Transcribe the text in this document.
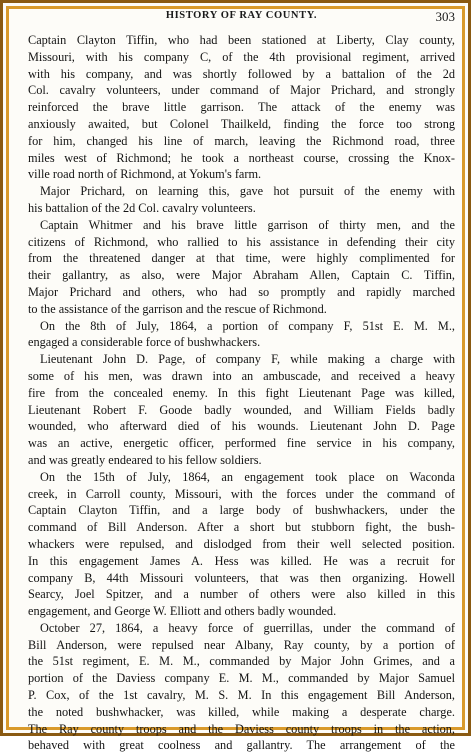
HISTORY OF RAY COUNTY.	303
Captain Clayton Tiffin, who had been stationed at Liberty, Clay county,
Missouri, with his company C, of the 4th provisional regiment, arrived
with his company, and was shortly followed by a battalion of the 2d
Col. cavalry volunteers, under command of Major Prichard, and strongly
reinforced the brave little garrison. The attack of the enemy was
anxiously awaited, but Colonel Thailkeld, finding the force too strong
for him, changed his line of march, leaving the Richmond road, three
miles west of Richmond; he took a northeast course, crossing the Knox-
ville road north of Richmond, at Yokum's farm.
Major Prichard, on learning this, gave hot pursuit of the enemy with
his battalion of the 2d Col. cavalry volunteers.
Captain Whitmer and his brave little garrison of thirty men, and the
citizens of Richmond, who rallied to his assistance in defending their city
from the threatened danger at that time, were highly complimented for
their gallantry, as also, were Major Abraham Allen, Captain C. Tiffin,
Major Prichard and others, who had so promptly and rapidly marched
to the assistance of the garrison and the rescue of Richmond.
On the 8th of July, 1864, a portion of company F, 51st E. M. M.,
engaged a considerable force of bushwhackers.
Lieutenant John D. Page, of company F, while making a charge with
some of his men, was drawn into an ambuscade, and received a heavy
fire from the concealed enemy. In this fight Lieutenant Page was killed,
Lieutenant Robert F. Goode badly wounded, and William Fields badly
wounded, who afterward died of his wounds. Lieutenant John D. Page
was an active, energetic officer, performed fine service in his company,
and was greatly endeared to his fellow soldiers.
On the 15th of July, 1864, an engagement took place on Waconda
creek, in Carroll county, Missouri, with the forces under the command of
Captain Clayton Tiffin, and a large body of bushwhackers, under the
command of Bill Anderson. After a short but stubborn fight, the bush-
whackers were repulsed, and dislodged from their well selected position.
In this engagement James A. Hess was killed. He was a recruit for
company B, 44th Missouri volunteers, that was then organizing. Howell
Searcy, Joel Spitzer, and a number of others were also killed in this
engagement, and George W. Elliott and others badly wounded.
October 27, 1864, a heavy force of guerrillas, under the command of
Bill Anderson, were repulsed near Albany, Ray county, by a portion of
the 51st regiment, E. M. M., commanded by Major John Grimes, and a
portion of the Daviess company E. M. M., commanded by Major Samuel
P. Cox, of the 1st cavalry, M. S. M. In this engagement Bill Anderson,
the noted bushwhacker, was killed, while making a desperate charge.
The Ray county troops and the Daviess county troops in the action,
behaved with great coolness and gallantry. The arrangement of the
